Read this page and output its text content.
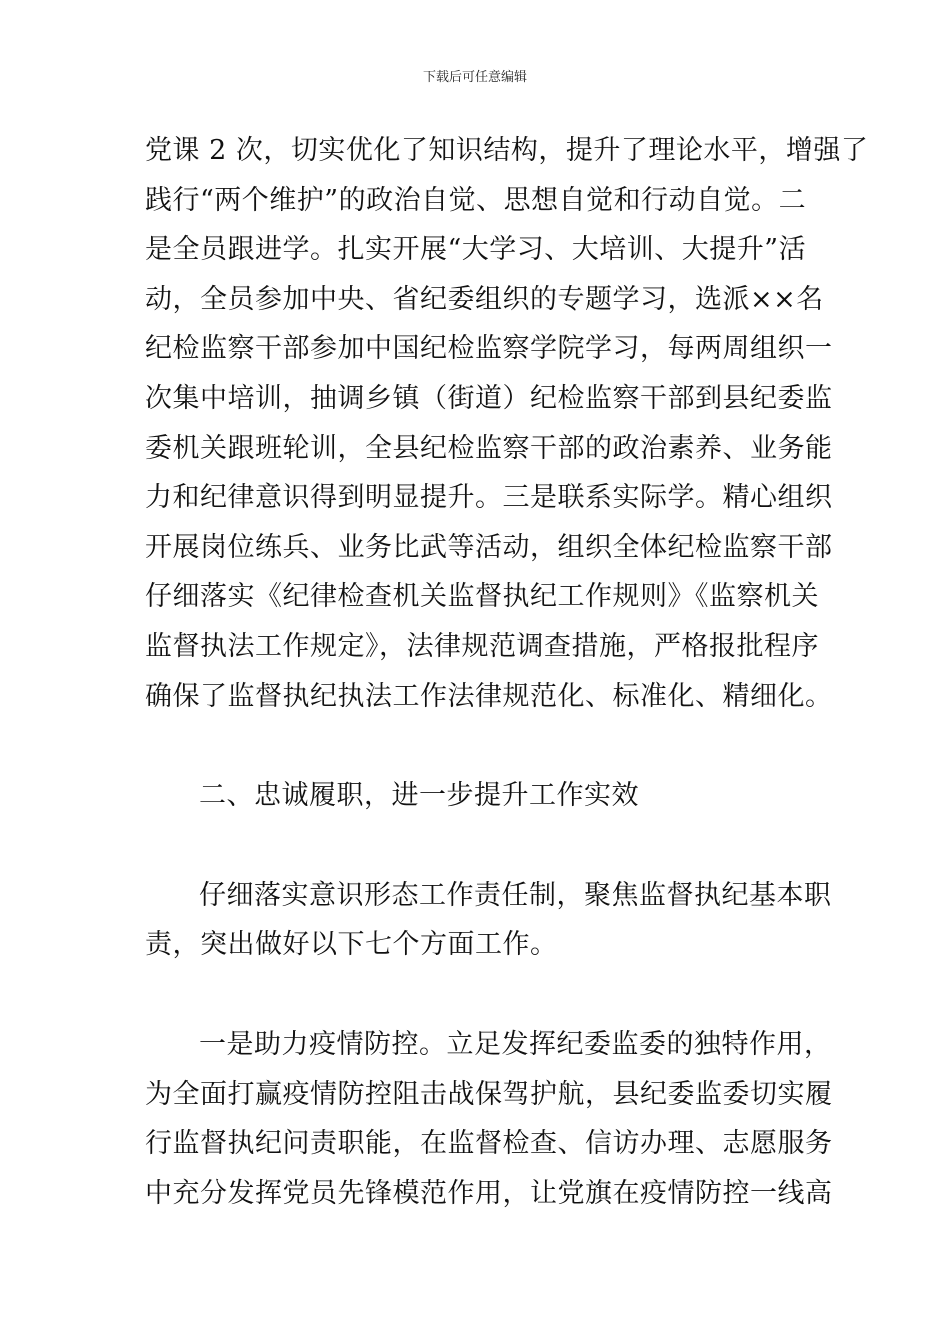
下载后可任意编辑
党课 2 次，切实优化了知识结构，提升了理论水平，增强了
践行“两个维护”的政治自觉、思想自觉和行动自觉。二
是全员跟进学。扎实开展“大学习、大培训、大提升”活
动，全员参加中央、省纪委组织的专题学习，选派××名
纪检监察干部参加中国纪检监察学院学习，每两周组织一
次集中培训，抽调乡镇（街道）纪检监察干部到县纪委监
委机关跟班轮训，全县纪检监察干部的政治素养、业务能
力和纪律意识得到明显提升。三是联系实际学。精心组织
开展岗位练兵、业务比武等活动，组织全体纪检监察干部
仔细落实《纪律检查机关监督执纪工作规则》《监察机关
监督执法工作规定》，法律规范调查措施，严格报批程序
确保了监督执纪执法工作法律规范化、标准化、精细化。
二、忠诚履职，进一步提升工作实效
仔细落实意识形态工作责任制，聚焦监督执纪基本职
责，突出做好以下七个方面工作。
一是助力疫情防控。立足发挥纪委监委的独特作用，
为全面打赢疫情防控阻击战保驾护航，县纪委监委切实履
行监督执纪问责职能，在监督检查、信访办理、志愿服务
中充分发挥党员先锋模范作用，让党旗在疫情防控一线高
